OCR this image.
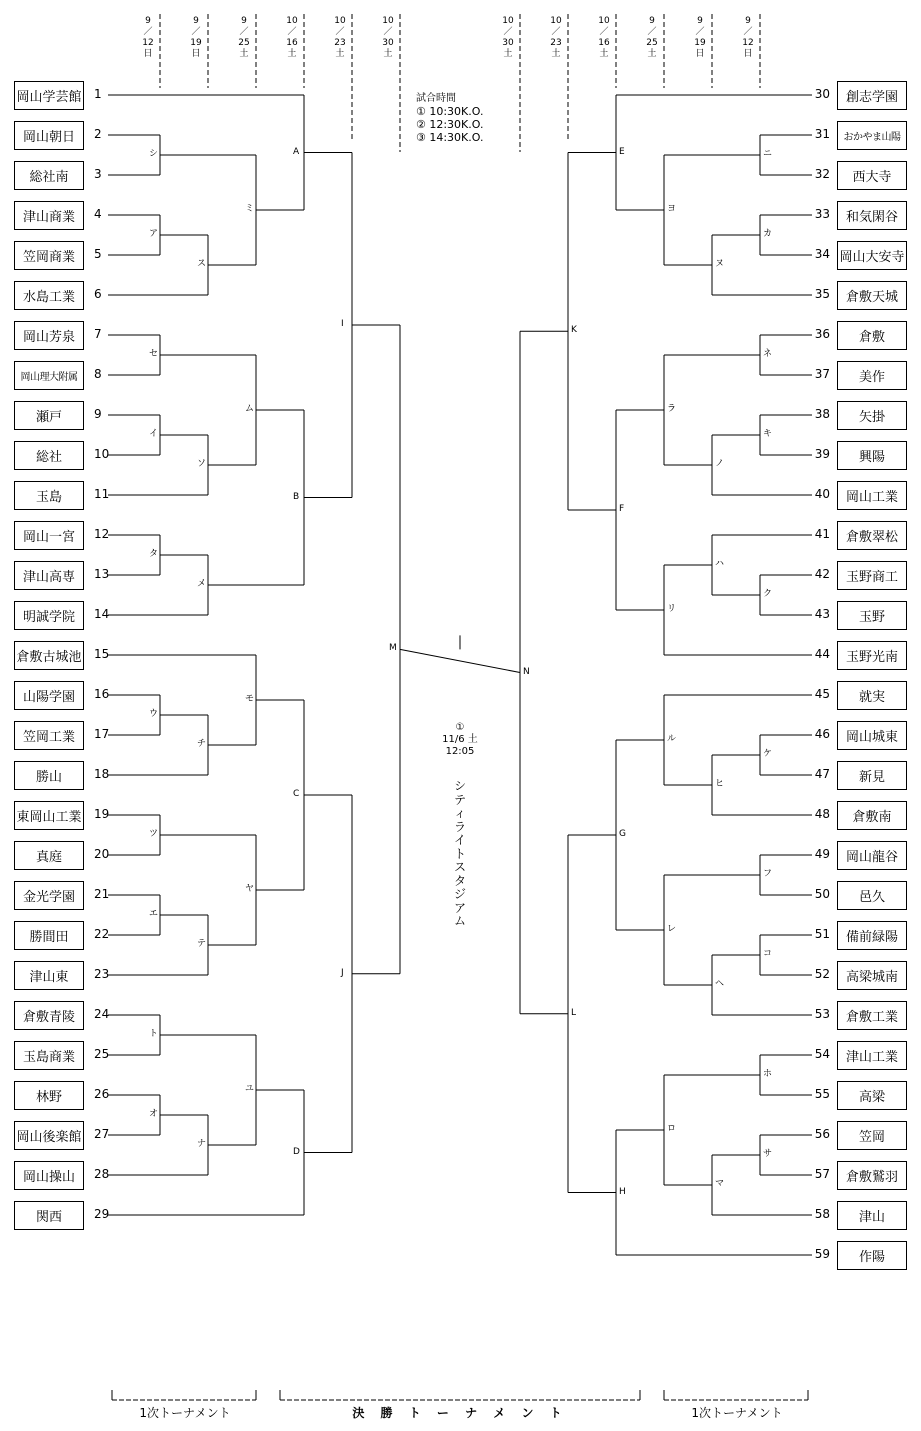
9
／
12
日
9
／
19
日
9
／
25
土
10
／
16
土
10
／
23
土
10
／
30
土
10
／
30
土
10
／
23
土
10
／
16
土
9
／
25
土
9
／
19
日
9
／
12
日
岡山学芸館 1
岡山朝日	2
総社南	3
津山商業	4
笠岡商業	5
水島工業	6
岡山芳泉	7
岡山理大附属	8
瀬戸	9
総社	10
玉島	11
岡山一宮	12
津山高専	13
明誠学院	14
倉敷古城池 15
山陽学園	16
笠岡工業	17
勝山	18
東岡山工業 19
真庭	20
金光学園	21
勝間田	22
津山東	23
倉敷青陵	24
玉島商業	25
林野	26
岡山後楽館 27
岡山操山	28
関西	29
創志学園
30
おかやま山陽
31
西大寺
32
和気閑谷
33
岡山大安寺
34
倉敷天城
35
倉敷
36
美作
37
矢掛
38
興陽
39
岡山工業
40
倉敷翠松
41
玉野商工
42
玉野
43
玉野光南
44
就実
45
岡山城東
46
新見
47
倉敷南
48
岡山龍谷
49
邑久
50
備前緑陽
51
高梁城南
52
倉敷工業
53
津山工業
54
高梁
55
笠岡
56
倉敷鷲羽
57
津山
58
作陽
59
シ
ア
ス
ミ
A
セ
イ
ソ
ム
タ
メ
B
I
ウ
チ
モ
ツ
エ
テ
ヤ
C
ト
オ
ナ
ユ
D
J
M
ニ
カ
ヌ
ヨ
E
ネ
キ
ノ
ラ
ク
ハ
リ
F
K
ケ
ヒ
ル
フ
コ
ヘ
レ
G
ホ
サ
マ
ロ
H
L
N
試合時間
① 10:30K.O.
② 12:30K.O.
③ 14:30K.O.
①
11/6 土
12:05
シティライトスタジアム
1次トーナメント	決 勝 ト ー ナ メ ン ト	1次トーナメント
